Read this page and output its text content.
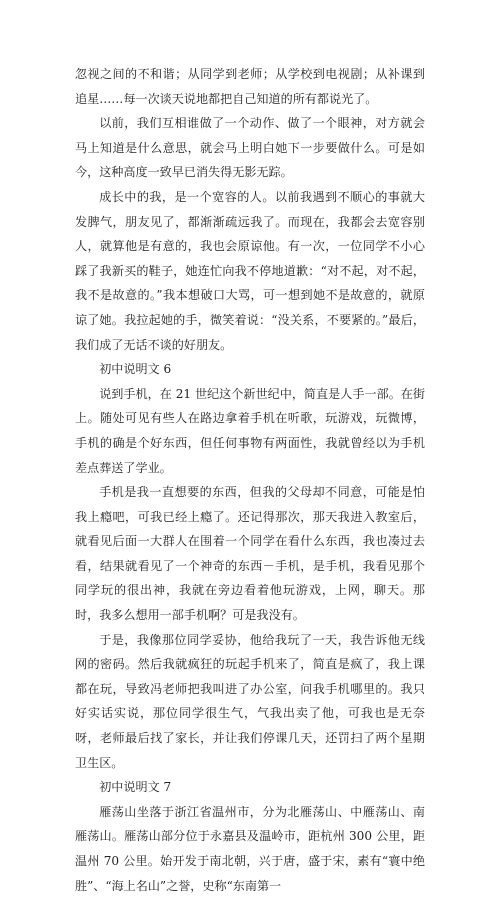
忽视之间的不和谐；从同学到老师；从学校到电视剧；从补课到追星……每一次谈天说地都把自己知道的所有都说光了。

以前，我们互相谁做了一个动作、做了一个眼神，对方就会马上知道是什么意思，就会马上明白她下一步要做什么。可是如今，这种高度一致早已消失得无影无踪。

成长中的我，是一个宽容的人。以前我遇到不顺心的事就大发脾气，朋友见了，都渐渐疏远我了。而现在，我都会去宽容别人，就算他是有意的，我也会原谅他。有一次，一位同学不小心踩了我新买的鞋子，她连忙向我不停地道歉：“对不起，对不起，我不是故意的。”我本想破口大骂，可一想到她不是故意的，就原谅了她。我拉起她的手，微笑着说：“没关系，不要紧的。”最后，我们成了无话不谈的好朋友。

初中说明文 6

说到手机，在 21 世纪这个新世纪中，简直是人手一部。在街上。随处可见有些人在路边拿着手机在听歌，玩游戏，玩微博，手机的确是个好东西，但任何事物有两面性，我就曾经以为手机差点葬送了学业。

手机是我一直想要的东西，但我的父母却不同意，可能是怕我上瘾吧，可我已经上瘾了。还记得那次，那天我进入教室后，就看见后面一大群人在围着一个同学在看什么东西，我也凑过去看，结果就看见了一个神奇的东西－手机，是手机，我看见那个同学玩的很出神，我就在旁边看着他玩游戏，上网，聊天。那时，我多么想用一部手机啊？可是我没有。

于是，我像那位同学妥协，他给我玩了一天，我告诉他无线网的密码。然后我就疯狂的玩起手机来了，简直是疯了，我上课都在玩，导致冯老师把我叫进了办公室，问我手机哪里的。我只好实话实说，那位同学很生气，气我出卖了他，可我也是无奈呀，老师最后找了家长，并让我们停课几天，还罚扫了两个星期卫生区。

初中说明文 7

雁荡山坐落于浙江省温州市，分为北雁荡山、中雁荡山、南雁荡山。雁荡山部分位于永嘉县及温岭市，距杭州 300 公里，距温州 70 公里。始开发于南北朝，兴于唐，盛于宋，素有“寰中绝胜”、“海上名山”之誉，史称“东南第一
